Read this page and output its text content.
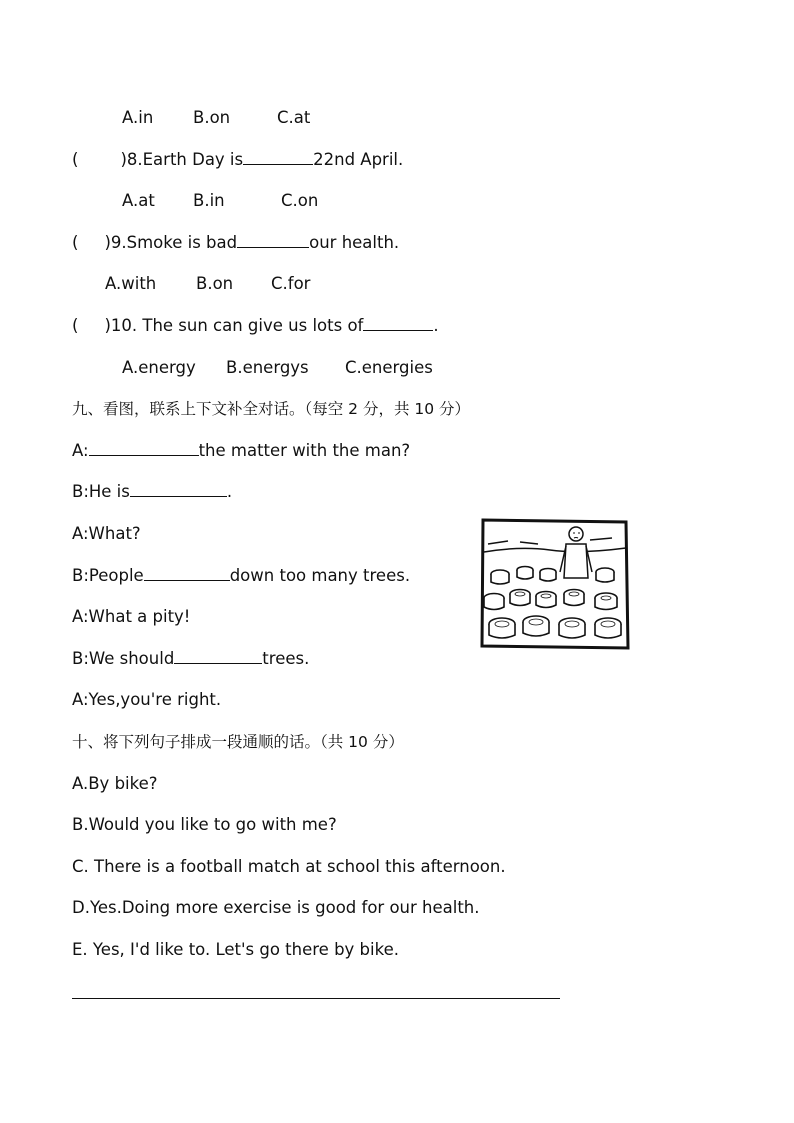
A.in B.on	C.at
(	)8.Earth Day is	22nd April.
A.at B.in	C.on
( )9.Smoke is bad	our health.
A.with B.on C.for
( )10. The sun can give us lots of	.
A.energy B.energys C.energies
九、看图，联系上下文补全对话。（每空 2 分，共 10 分）
A:	the matter with the man?
B:He is	.
A:What?
B:People	down too many trees.
A:What a pity!
B:We should	trees.
A:Yes,you're right.
十、将下列句子排成一段通顺的话。（共 10 分）
A.By bike?
B.Would you like to go with me?
C. There is a football match at school this afternoon.
D.Yes.Doing more exercise is good for our health.
E. Yes, I'd like to. Let's go there by bike.
